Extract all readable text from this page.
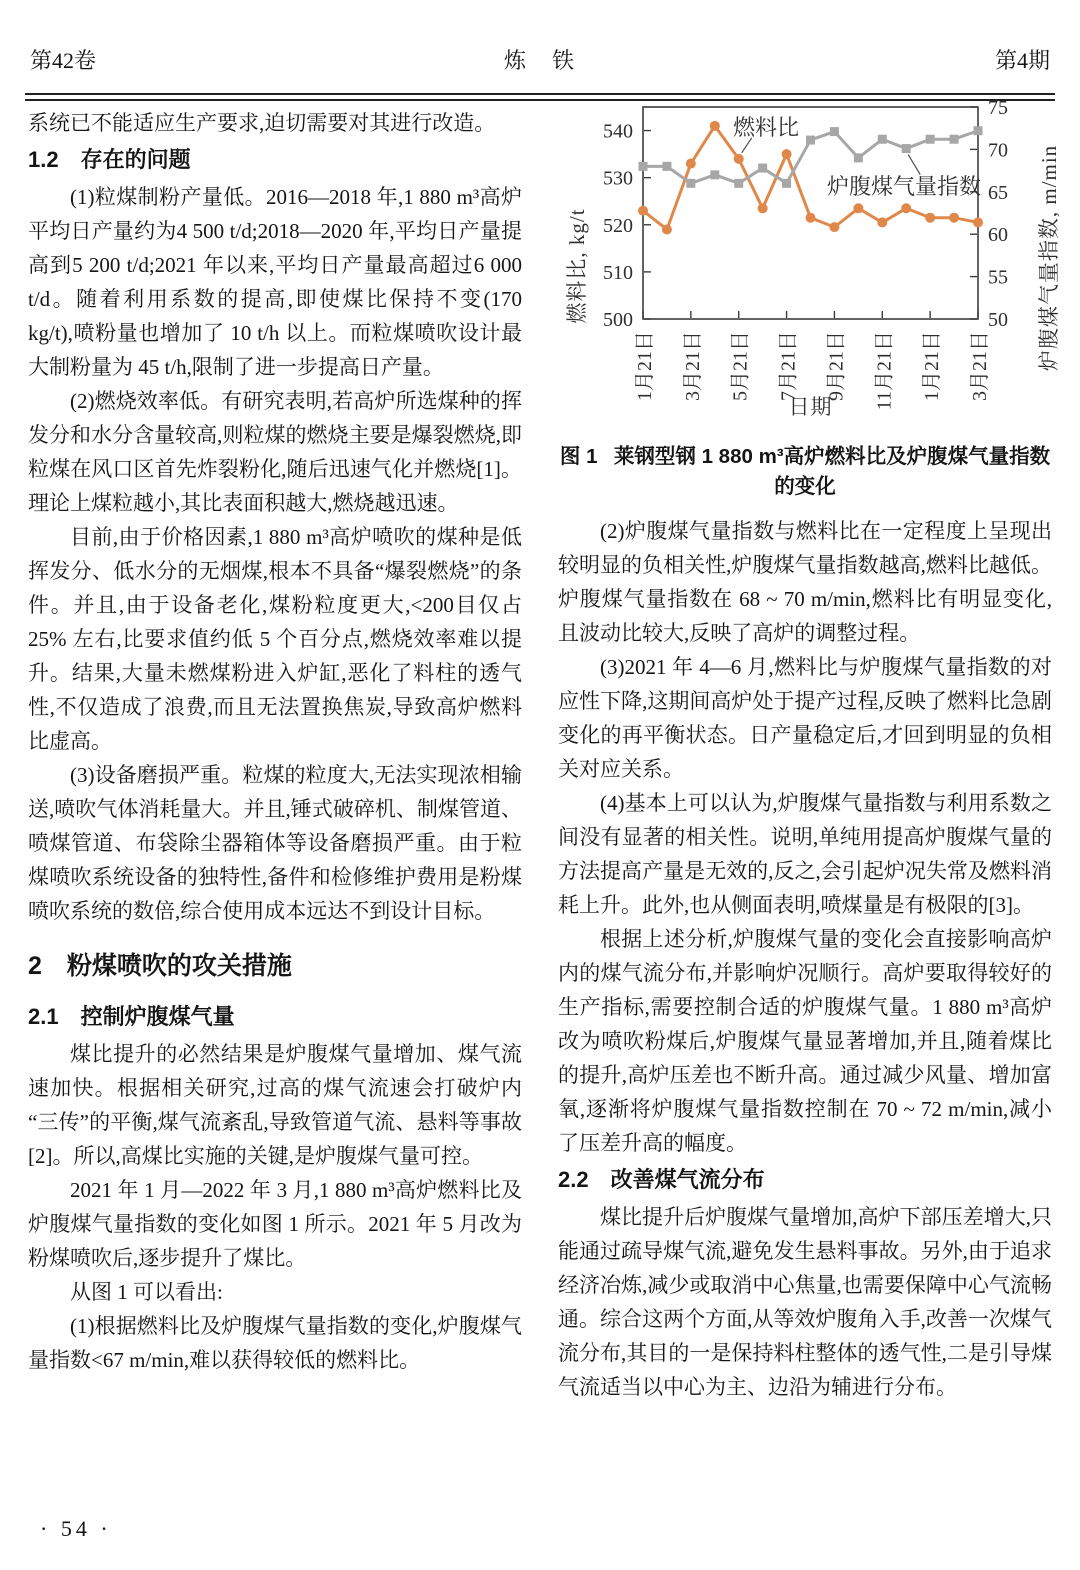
第42卷	炼　铁	第4期

系统已不能适应生产要求,迫切需要对其进行改造。

1.2 存在的问题

(1)粒煤制粉产量低。2016—2018 年,1 880 m³高炉平均日产量约为4 500 t/d;2018—2020 年,平均日产量提高到5 200 t/d;2021 年以来,平均日产量最高超过6 000 t/d。随着利用系数的提高,即使煤比保持不变(170 kg/t),喷粉量也增加了 10 t/h 以上。而粒煤喷吹设计最大制粉量为 45 t/h,限制了进一步提高日产量。

(2)燃烧效率低。有研究表明,若高炉所选煤种的挥发分和水分含量较高,则粒煤的燃烧主要是爆裂燃烧,即粒煤在风口区首先炸裂粉化,随后迅速气化并燃烧[1]。理论上煤粒越小,其比表面积越大,燃烧越迅速。

目前,由于价格因素,1 880 m³高炉喷吹的煤种是低挥发分、低水分的无烟煤,根本不具备“爆裂燃烧”的条件。并且,由于设备老化,煤粉粒度更大,<200目仅占 25% 左右,比要求值约低 5 个百分点,燃烧效率难以提升。结果,大量未燃煤粉进入炉缸,恶化了料柱的透气性,不仅造成了浪费,而且无法置换焦炭,导致高炉燃料比虚高。

(3)设备磨损严重。粒煤的粒度大,无法实现浓相输送,喷吹气体消耗量大。并且,锤式破碎机、制煤管道、喷煤管道、布袋除尘器箱体等设备磨损严重。由于粒煤喷吹系统设备的独特性,备件和检修维护费用是粉煤喷吹系统的数倍,综合使用成本远达不到设计目标。

2 粉煤喷吹的攻关措施
2.1 控制炉腹煤气量

煤比提升的必然结果是炉腹煤气量增加、煤气流速加快。根据相关研究,过高的煤气流速会打破炉内“三传”的平衡,煤气流紊乱,导致管道气流、悬料等事故[2]。所以,高煤比实施的关键,是炉腹煤气量可控。

2021 年 1 月—2022 年 3 月,1 880 m³高炉燃料比及炉腹煤气量指数的变化如图 1 所示。2021 年 5 月改为粉煤喷吹后,逐步提升了煤比。

从图 1 可以看出:

(1)根据燃料比及炉腹煤气量指数的变化,炉腹煤气量指数<67 m/min,难以获得较低的燃料比。

500
510
520
530
540
50
55
60
65
70
75
1月21日 3月21日 5月21日 7月21日 9月21日 11月21日 1月21日 3月21日
燃料比, kg/t	炉腹煤气量指数, m/min
日期
燃料比
炉腹煤气量指数
图 1 莱钢型钢 1 880 m³高炉燃料比及炉腹煤气量指数的变化

(2)炉腹煤气量指数与燃料比在一定程度上呈现出较明显的负相关性,炉腹煤气量指数越高,燃料比越低。炉腹煤气量指数在 68 ~ 70 m/min,燃料比有明显变化,且波动比较大,反映了高炉的调整过程。

(3)2021 年 4—6 月,燃料比与炉腹煤气量指数的对应性下降,这期间高炉处于提产过程,反映了燃料比急剧变化的再平衡状态。日产量稳定后,才回到明显的负相关对应关系。

(4)基本上可以认为,炉腹煤气量指数与利用系数之间没有显著的相关性。说明,单纯用提高炉腹煤气量的方法提高产量是无效的,反之,会引起炉况失常及燃料消耗上升。此外,也从侧面表明,喷煤量是有极限的[3]。

根据上述分析,炉腹煤气量的变化会直接影响高炉内的煤气流分布,并影响炉况顺行。高炉要取得较好的生产指标,需要控制合适的炉腹煤气量。1 880 m³高炉改为喷吹粉煤后,炉腹煤气量显著增加,并且,随着煤比的提升,高炉压差也不断升高。通过减少风量、增加富氧,逐渐将炉腹煤气量指数控制在 70 ~ 72 m/min,减小了压差升高的幅度。

2.2 改善煤气流分布

煤比提升后炉腹煤气量增加,高炉下部压差增大,只能通过疏导煤气流,避免发生悬料事故。另外,由于追求经济冶炼,减少或取消中心焦量,也需要保障中心气流畅通。综合这两个方面,从等效炉腹角入手,改善一次煤气流分布,其目的一是保持料柱整体的透气性,二是引导煤气流适当以中心为主、边沿为辅进行分布。

· 54 ·
